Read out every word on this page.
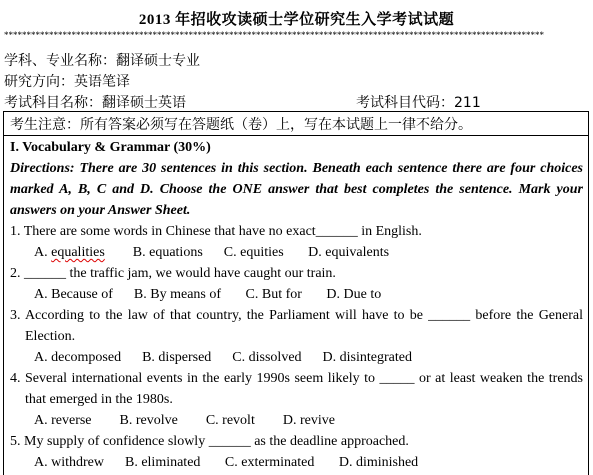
2013 年招收攻读硕士学位研究生入学考试试题
************************************************************************************************************************
学科、专业名称：翻译硕士专业
研究方向：英语笔译
考试科目名称：翻译硕士英语	考试科目代码：211
考生注意：所有答案必须写在答题纸（卷）上，写在本试题上一律不给分。
I. Vocabulary & Grammar (30%)
Directions: There are 30 sentences in this section. Beneath each sentence there are four choices marked A, B, C and D. Choose the ONE answer that best completes the sentence. Mark your answers on your Answer Sheet.
1. There are some words in Chinese that have no exact______ in English.
A. equalities        B. equations      C. equities       D. equivalents
2. ______ the traffic jam, we would have caught our train.
A. Because of      B. By means of       C. But for       D. Due to
3. According to the law of that country, the Parliament will have to be ______ before the General Election.
A. decomposed      B. dispersed      C. dissolved      D. disintegrated
4. Several international events in the early 1990s seem likely to _____ or at least weaken the trends that emerged in the 1980s.
A. reverse        B. revolve        C. revolt        D. revive
5. My supply of confidence slowly ______ as the deadline approached.
A. withdrew      B. eliminated       C. exterminated       D. diminished
